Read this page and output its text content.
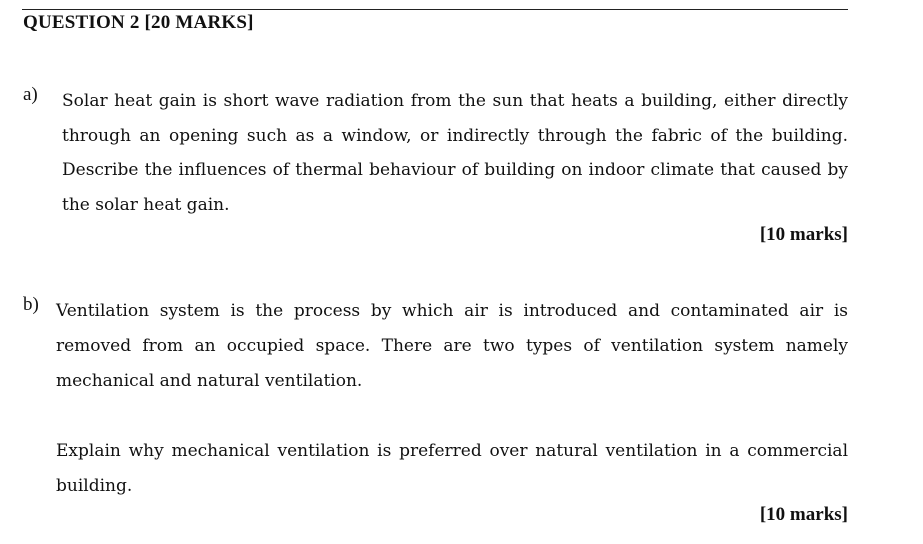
QUESTION 2 [20 MARKS]
a) Solar heat gain is short wave radiation from the sun that heats a building, either directly through an opening such as a window, or indirectly through the fabric of the building. Describe the influences of thermal behaviour of building on indoor climate that caused by the solar heat gain.
[10 marks]
b) Ventilation system is the process by which air is introduced and contaminated air is removed from an occupied space. There are two types of ventilation system namely mechanical and natural ventilation.
Explain why mechanical ventilation is preferred over natural ventilation in a commercial building.
[10 marks]
